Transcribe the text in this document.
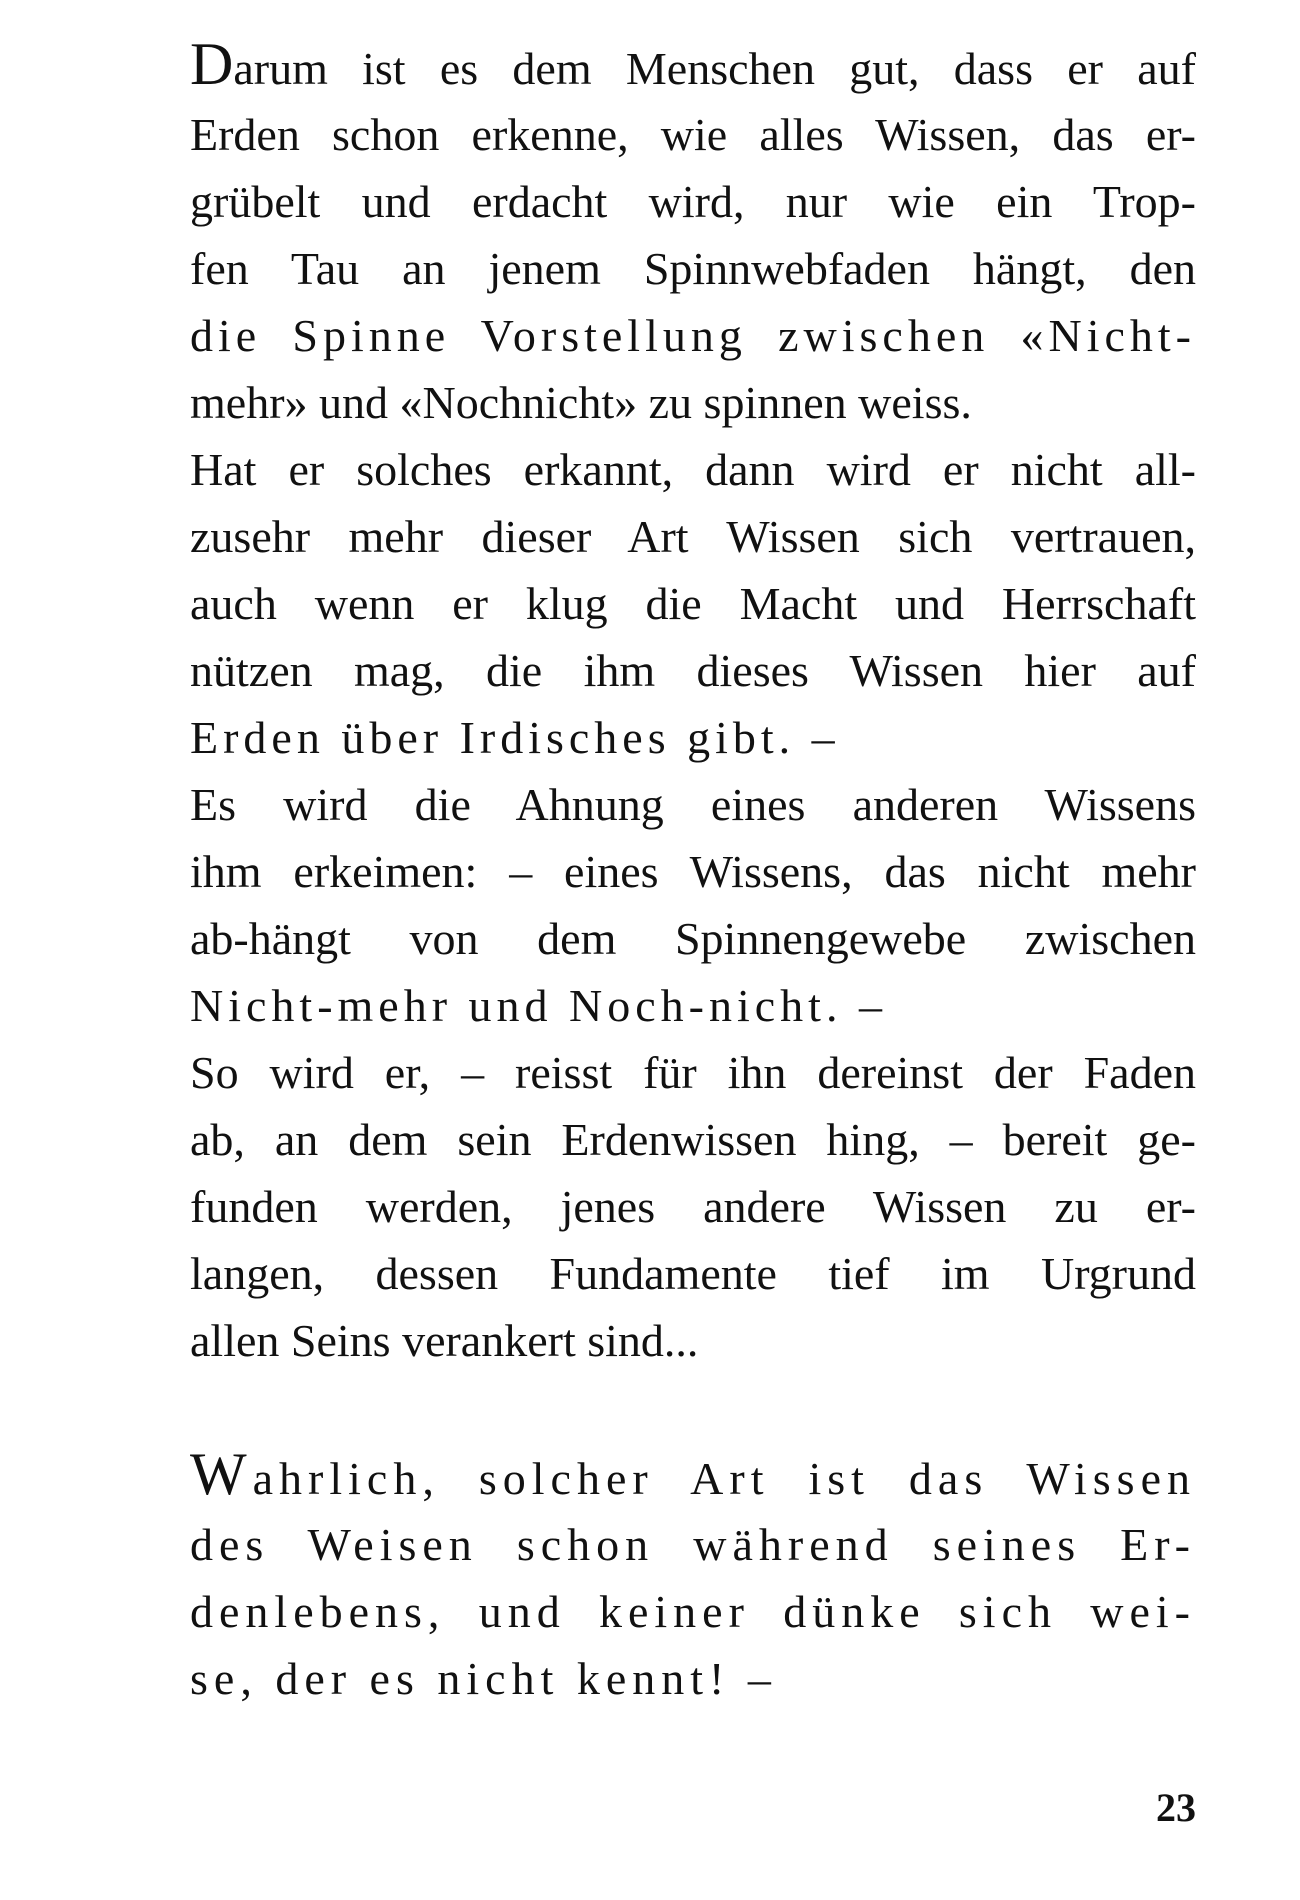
Darum ist es dem Menschen gut, dass er auf
Erden schon erkenne, wie alles Wissen, das er-
grübelt und erdacht wird, nur wie ein Trop-
fen Tau an jenem Spinnwebfaden hängt, den
die Spinne Vorstellung zwischen «Nicht-
mehr» und «Nochnicht» zu spinnen weiss.
Hat er solches erkannt, dann wird er nicht all-
zusehr mehr dieser Art Wissen sich vertrauen,
auch wenn er klug die Macht und Herrschaft
nützen mag, die ihm dieses Wissen hier auf
Erden über Irdisches gibt. –
Es wird die Ahnung eines anderen Wissens
ihm erkeimen: – eines Wissens, das nicht mehr
ab-hängt von dem Spinnengewebe zwischen
Nicht-mehr und Noch-nicht. –
So wird er, – reisst für ihn dereinst der Faden
ab, an dem sein Erdenwissen hing, – bereit ge-
funden werden, jenes andere Wissen zu er-
langen, dessen Fundamente tief im Urgrund
allen Seins verankert sind...
Wahrlich, solcher Art ist das Wissen
des Weisen schon während seines Er-
denlebens, und keiner dünke sich wei-
se, der es nicht kennt! –
23
